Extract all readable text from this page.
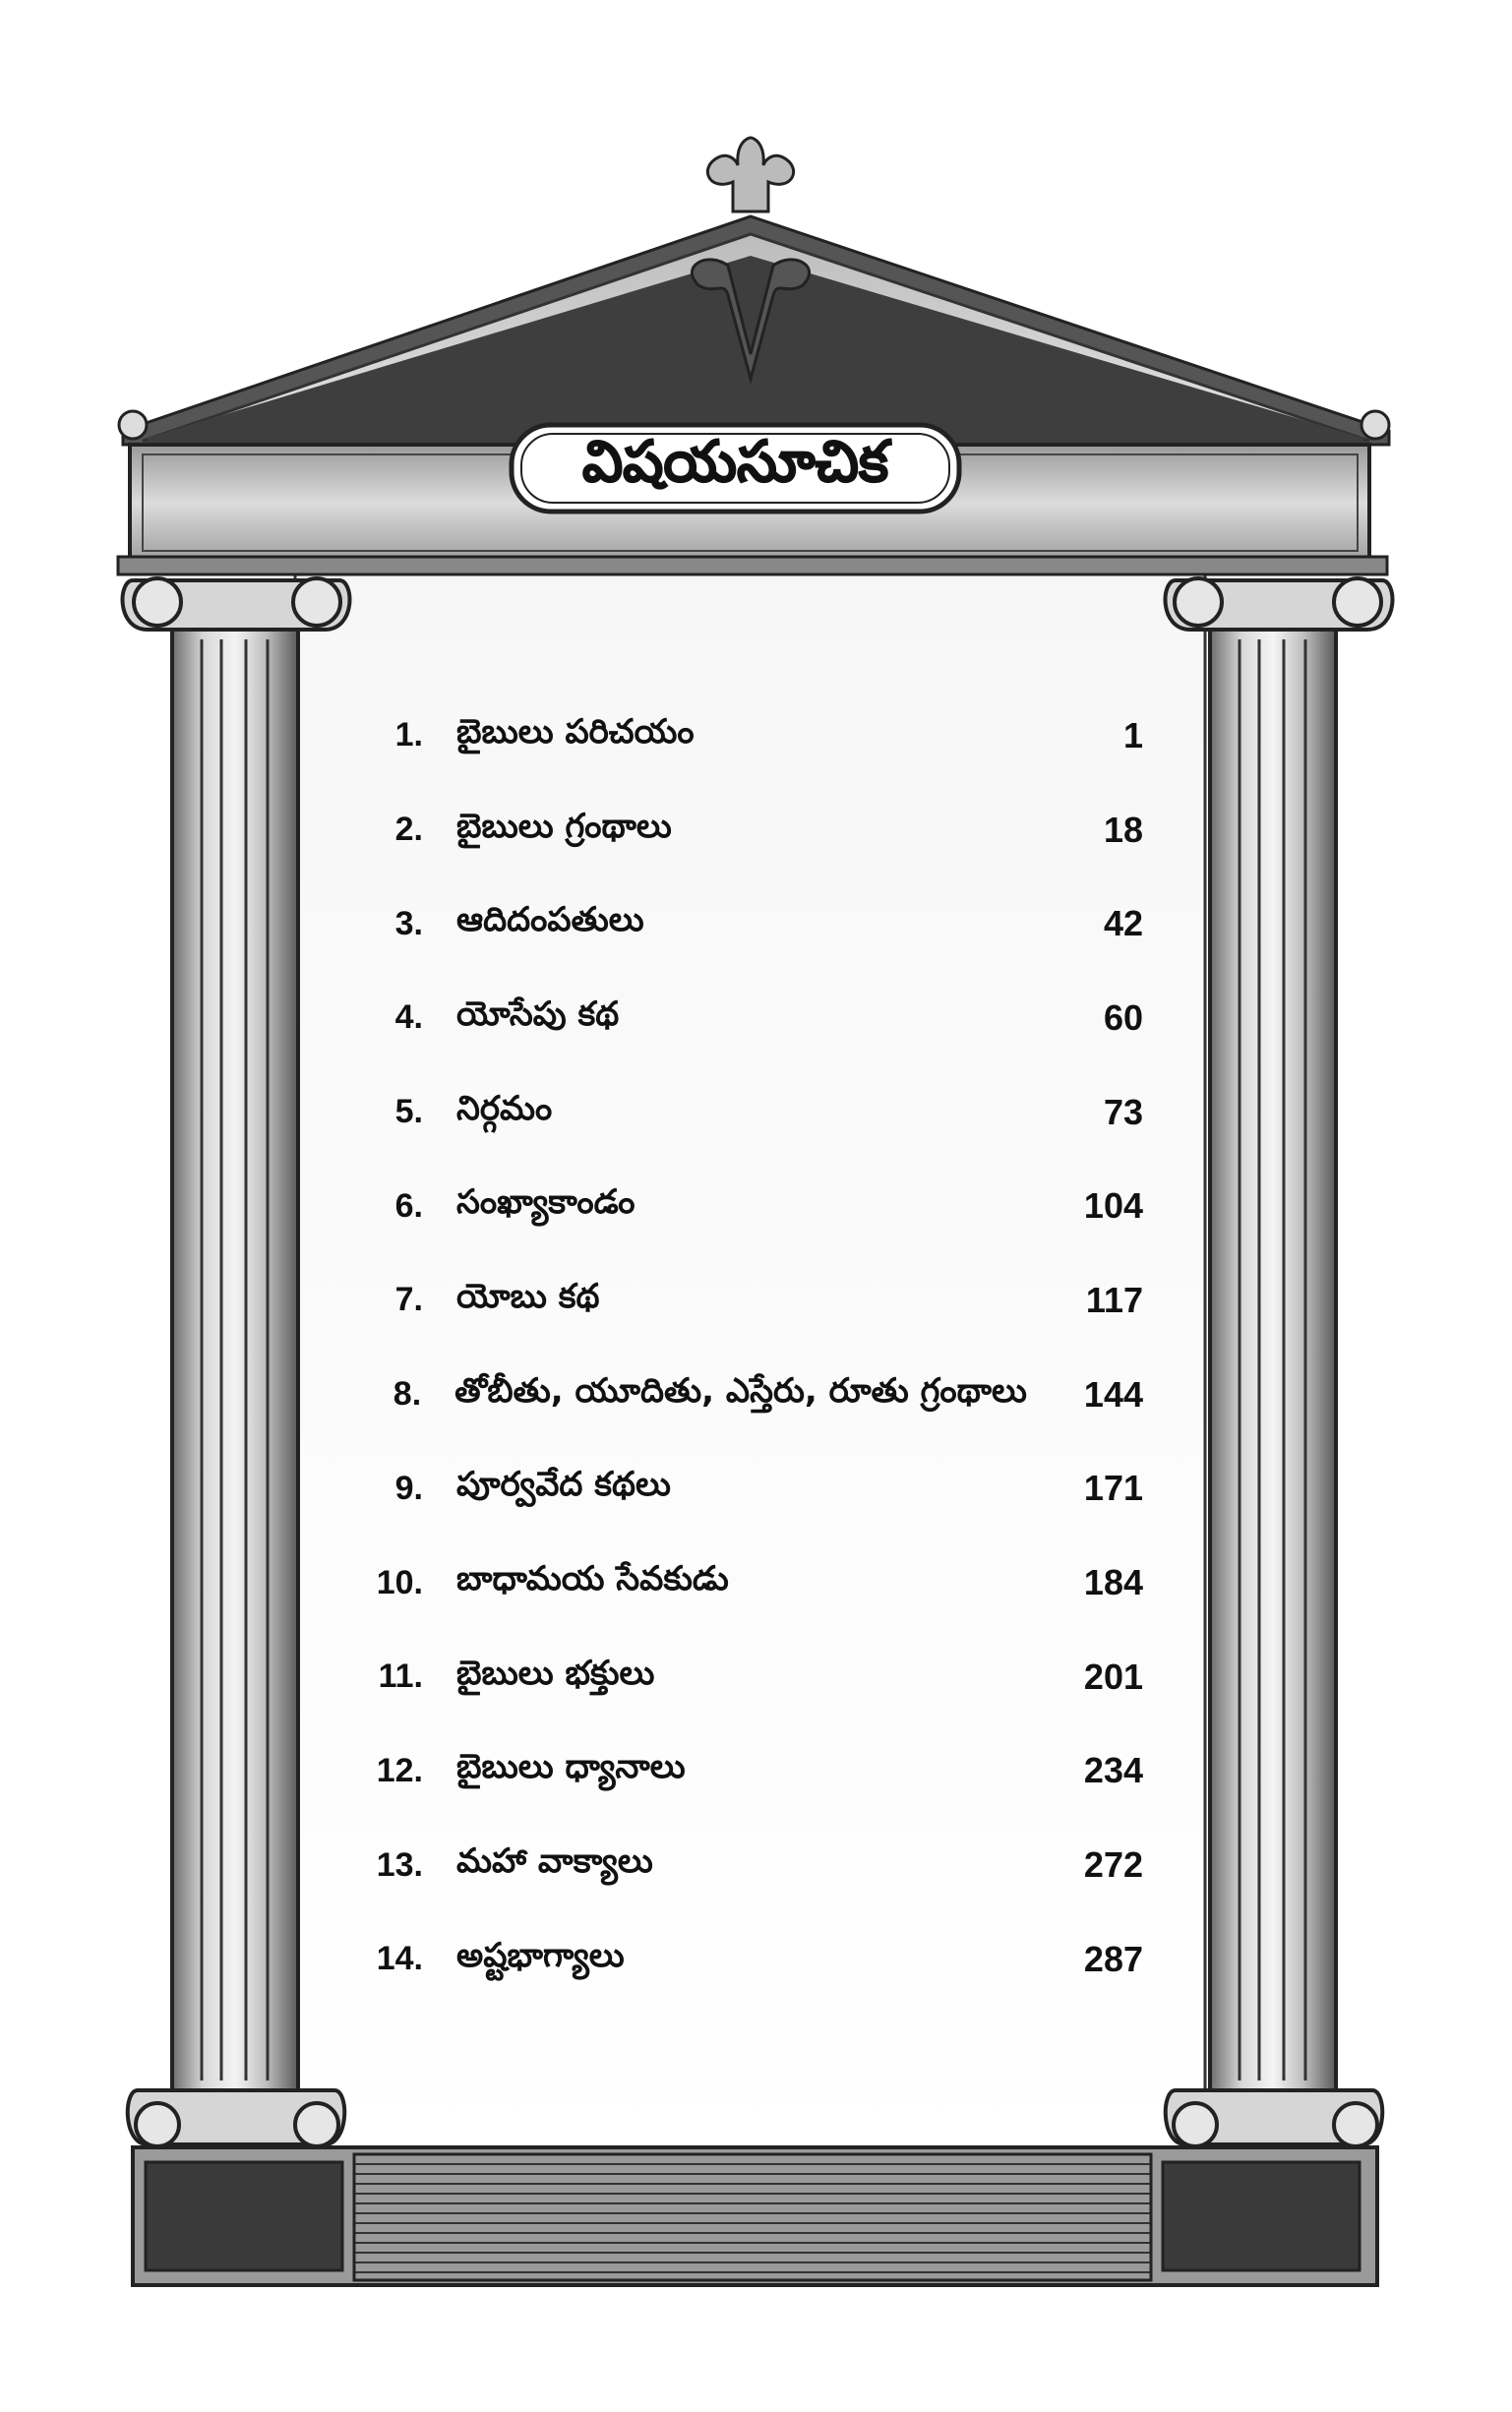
విషయసూచిక
1.	బైబులు పరిచయం	1
2.	బైబులు గ్రంథాలు	18
3.	ఆదిదంపతులు	42
4.	యోసేపు కథ	60
5.	నిర్గమం	73
6.	సంఖ్యాకాండం	104
7.	యోబు కథ	117
8.	తోబీతు, యూదితు, ఎస్తేరు, రూతు గ్రంథాలు	144
9.	పూర్వవేద కథలు	171
10.	బాధామయ సేవకుడు	184
11.	బైబులు భక్తులు	201
12.	బైబులు ధ్యానాలు	234
13.	మహా వాక్యాలు	272
14.	అష్టభాగ్యాలు	287
